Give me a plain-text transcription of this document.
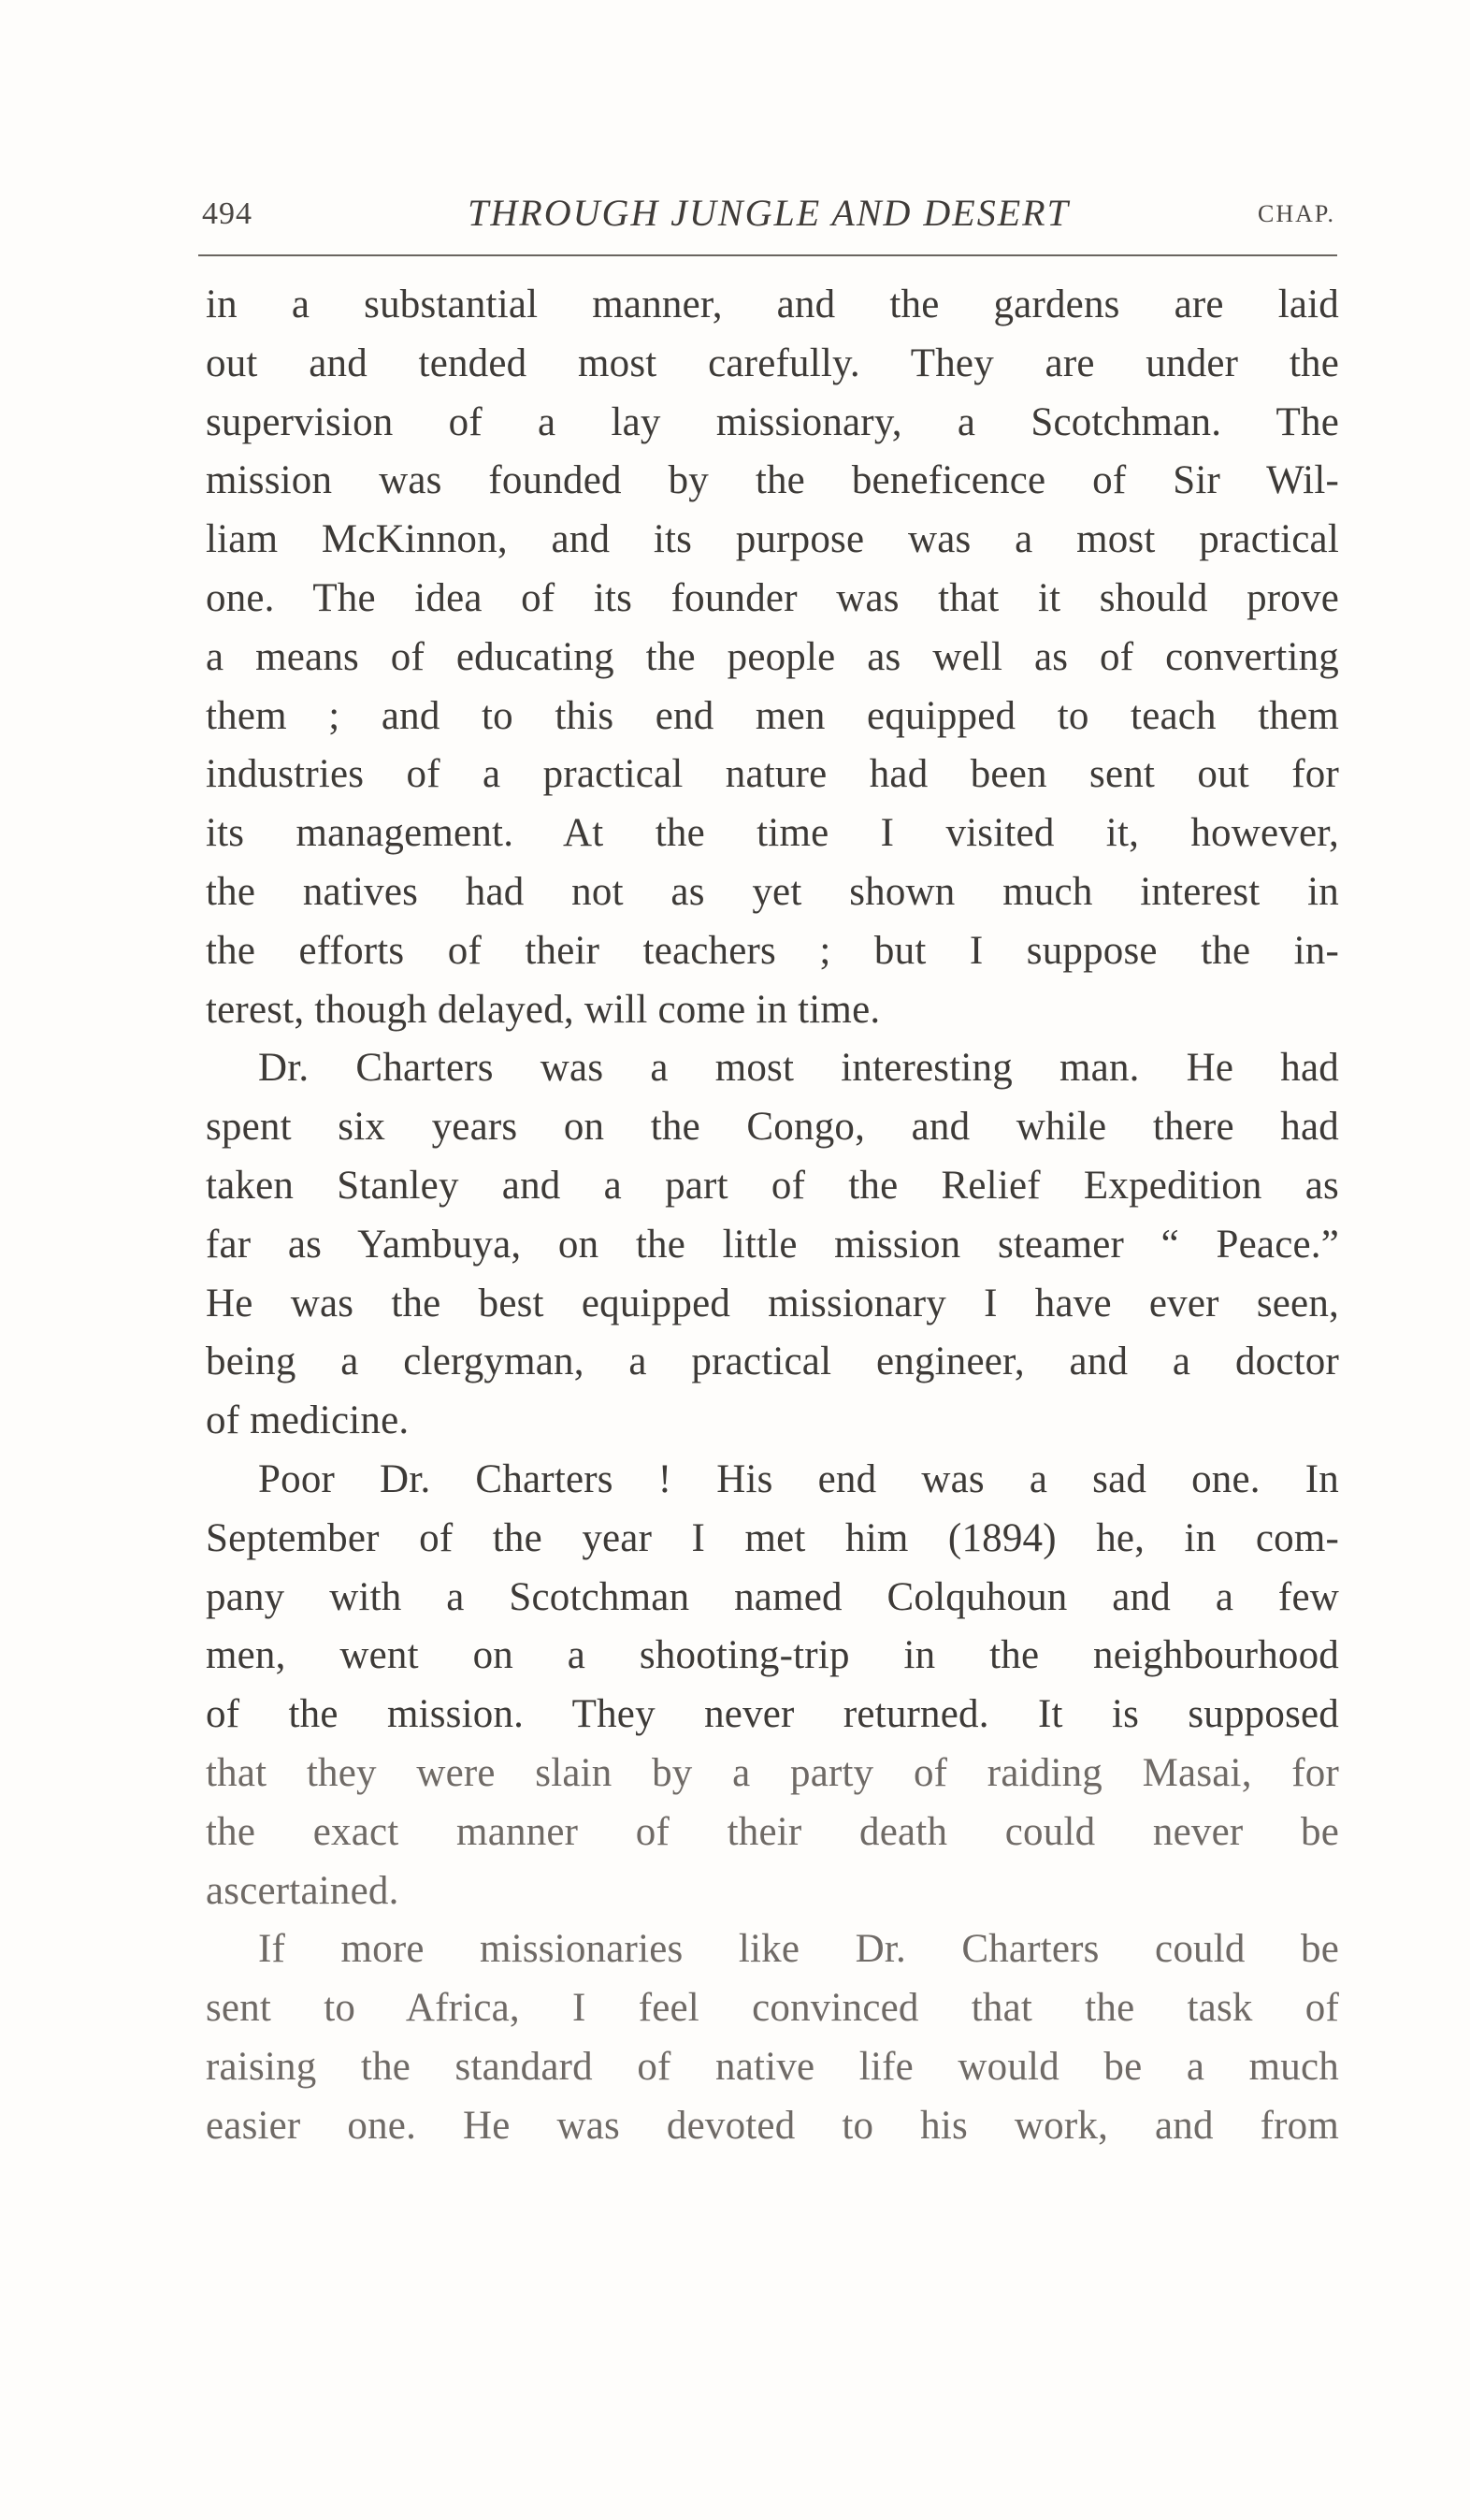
494	THROUGH JUNGLE AND DESERT	CHAP.
in a substantial manner, and the gardens are laid
out and tended most carefully. They are under the
supervision of a lay missionary, a Scotchman. The
mission was founded by the beneficence of Sir Wil-
liam McKinnon, and its purpose was a most practical
one. The idea of its founder was that it should prove
a means of educating the people as well as of converting
them ; and to this end men equipped to teach them
industries of a practical nature had been sent out for
its management. At the time I visited it, however,
the natives had not as yet shown much interest in
the efforts of their teachers ; but I suppose the in-
terest, though delayed, will come in time.
Dr. Charters was a most interesting man. He had
spent six years on the Congo, and while there had
taken Stanley and a part of the Relief Expedition as
far as Yambuya, on the little mission steamer “ Peace.”
He was the best equipped missionary I have ever seen,
being a clergyman, a practical engineer, and a doctor
of medicine.
Poor Dr. Charters ! His end was a sad one. In
September of the year I met him (1894) he, in com-
pany with a Scotchman named Colquhoun and a few
men, went on a shooting-trip in the neighbourhood
of the mission. They never returned. It is supposed
that they were slain by a party of raiding Masai, for
the exact manner of their death could never be
ascertained.
If more missionaries like Dr. Charters could be
sent to Africa, I feel convinced that the task of
raising the standard of native life would be a much
easier one. He was devoted to his work, and from
